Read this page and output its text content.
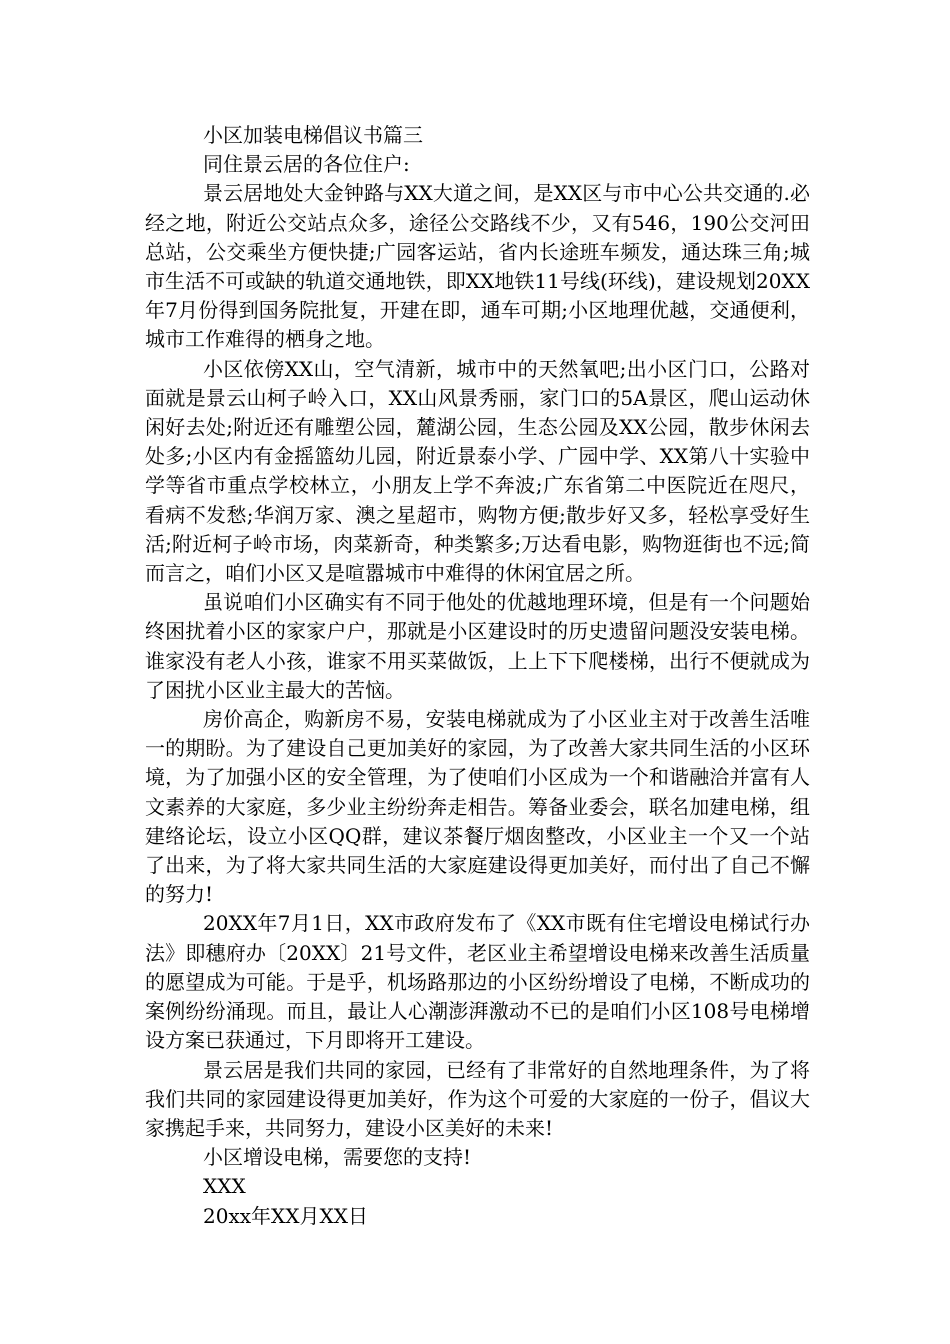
小区加装电梯倡议书篇三

同住景云居的各位住户:

景云居地处大金钟路与XX大道之间，是XX区与市中心公共交通的.必经之地，附近公交站点众多，途径公交路线不少，又有546，190公交河田总站，公交乘坐方便快捷;广园客运站，省内长途班车频发，通达珠三角;城市生活不可或缺的轨道交通地铁，即XX地铁11号线(环线)，建设规划20XX年7月份得到国务院批复，开建在即，通车可期;小区地理优越，交通便利，城市工作难得的栖身之地。

小区依傍XX山，空气清新，城市中的天然氧吧;出小区门口，公路对面就是景云山柯子岭入口，XX山风景秀丽，家门口的5A景区，爬山运动休闲好去处;附近还有雕塑公园，麓湖公园，生态公园及XX公园，散步休闲去处多;小区内有金摇篮幼儿园，附近景泰小学、广园中学、XX第八十实验中学等省市重点学校林立，小朋友上学不奔波;广东省第二中医院近在咫尺，看病不发愁;华润万家、澳之星超市，购物方便;散步好又多，轻松享受好生活;附近柯子岭市场，肉菜新奇，种类繁多;万达看电影，购物逛街也不远;简而言之，咱们小区又是喧嚣城市中难得的休闲宜居之所。

虽说咱们小区确实有不同于他处的优越地理环境，但是有一个问题始终困扰着小区的家家户户，那就是小区建设时的历史遗留问题没安装电梯。谁家没有老人小孩，谁家不用买菜做饭，上上下下爬楼梯，出行不便就成为了困扰小区业主最大的苦恼。

房价高企，购新房不易，安装电梯就成为了小区业主对于改善生活唯一的期盼。为了建设自己更加美好的家园，为了改善大家共同生活的小区环境，为了加强小区的安全管理，为了使咱们小区成为一个和谐融洽并富有人文素养的大家庭，多少业主纷纷奔走相告。筹备业委会，联名加建电梯，组建络论坛，设立小区QQ群，建议茶餐厅烟囱整改，小区业主一个又一个站了出来，为了将大家共同生活的大家庭建设得更加美好，而付出了自己不懈的努力!

20XX年7月1日，XX市政府发布了《XX市既有住宅增设电梯试行办法》即穗府办〔20XX〕21号文件，老区业主希望增设电梯来改善生活质量的愿望成为可能。于是乎，机场路那边的小区纷纷增设了电梯，不断成功的案例纷纷涌现。而且，最让人心潮澎湃激动不已的是咱们小区108号电梯增设方案已获通过，下月即将开工建设。

景云居是我们共同的家园，已经有了非常好的自然地理条件，为了将我们共同的家园建设得更加美好，作为这个可爱的大家庭的一份子，倡议大家携起手来，共同努力，建设小区美好的未来!

小区增设电梯，需要您的支持!

XXX

20xx年XX月XX日
